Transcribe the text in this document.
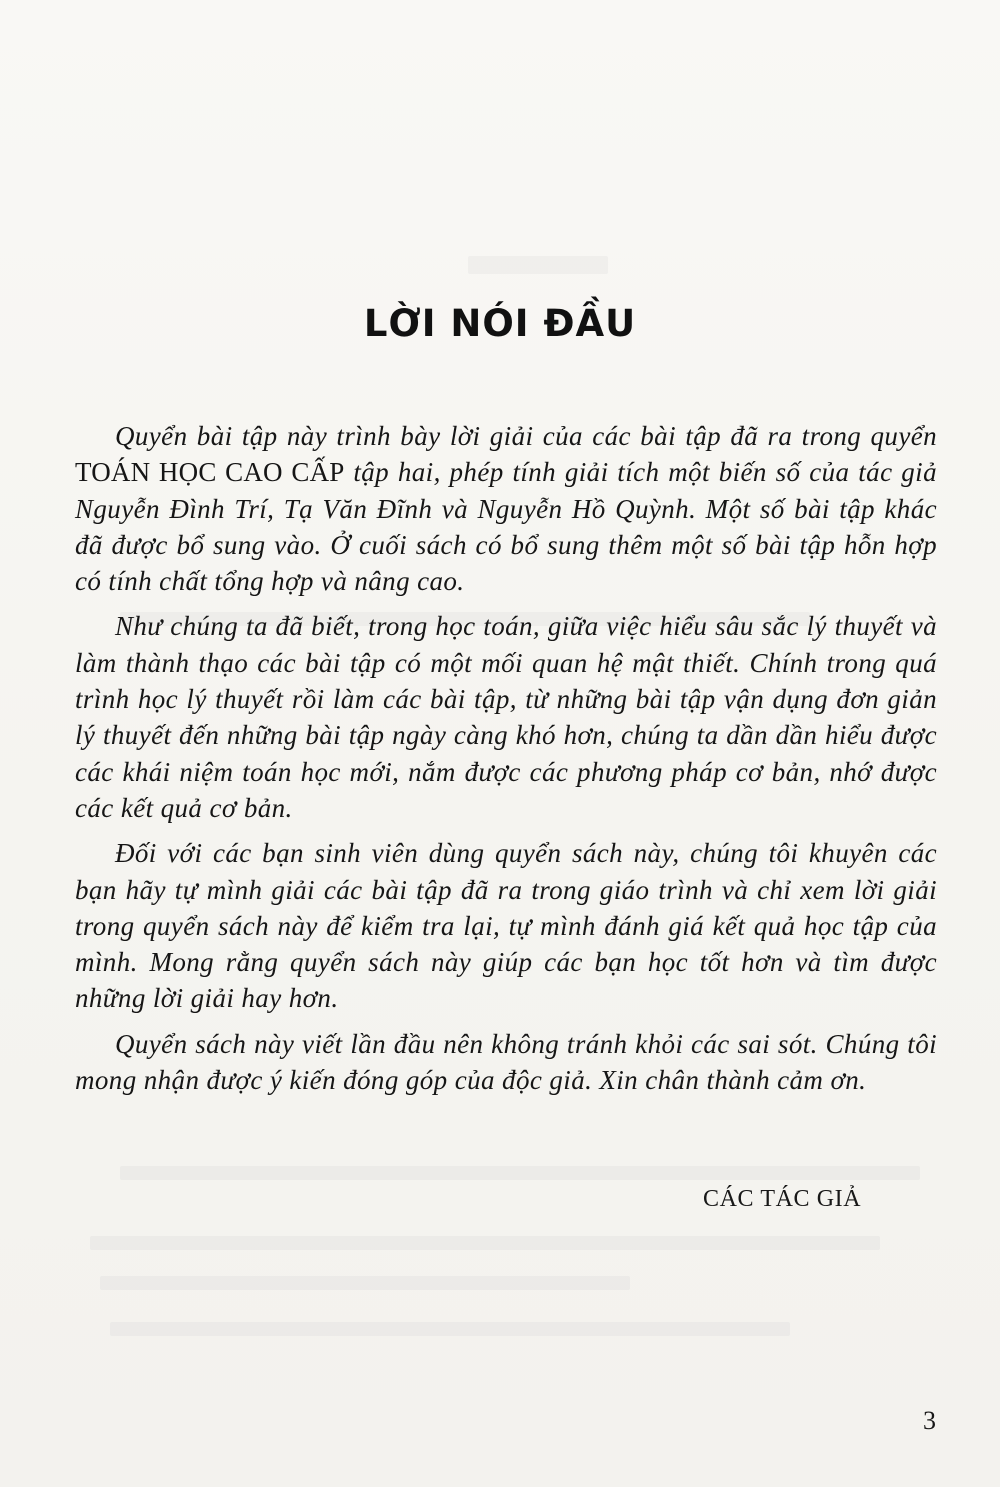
LỜI NÓI ĐẦU

Quyển bài tập này trình bày lời giải của các bài tập đã ra trong quyển TOÁN HỌC CAO CẤP tập hai, phép tính giải tích một biến số của tác giả Nguyễn Đình Trí, Tạ Văn Đĩnh và Nguyễn Hồ Quỳnh. Một số bài tập khác đã được bổ sung vào. Ở cuối sách có bổ sung thêm một số bài tập hỗn hợp có tính chất tổng hợp và nâng cao.

Như chúng ta đã biết, trong học toán, giữa việc hiểu sâu sắc lý thuyết và làm thành thạo các bài tập có một mối quan hệ mật thiết. Chính trong quá trình học lý thuyết rồi làm các bài tập, từ những bài tập vận dụng đơn giản lý thuyết đến những bài tập ngày càng khó hơn, chúng ta dần dần hiểu được các khái niệm toán học mới, nắm được các phương pháp cơ bản, nhớ được các kết quả cơ bản.

Đối với các bạn sinh viên dùng quyển sách này, chúng tôi khuyên các bạn hãy tự mình giải các bài tập đã ra trong giáo trình và chỉ xem lời giải trong quyển sách này để kiểm tra lại, tự mình đánh giá kết quả học tập của mình. Mong rằng quyển sách này giúp các bạn học tốt hơn và tìm được những lời giải hay hơn.

Quyển sách này viết lần đầu nên không tránh khỏi các sai sót. Chúng tôi mong nhận được ý kiến đóng góp của độc giả. Xin chân thành cảm ơn.

CÁC TÁC GIẢ
3
